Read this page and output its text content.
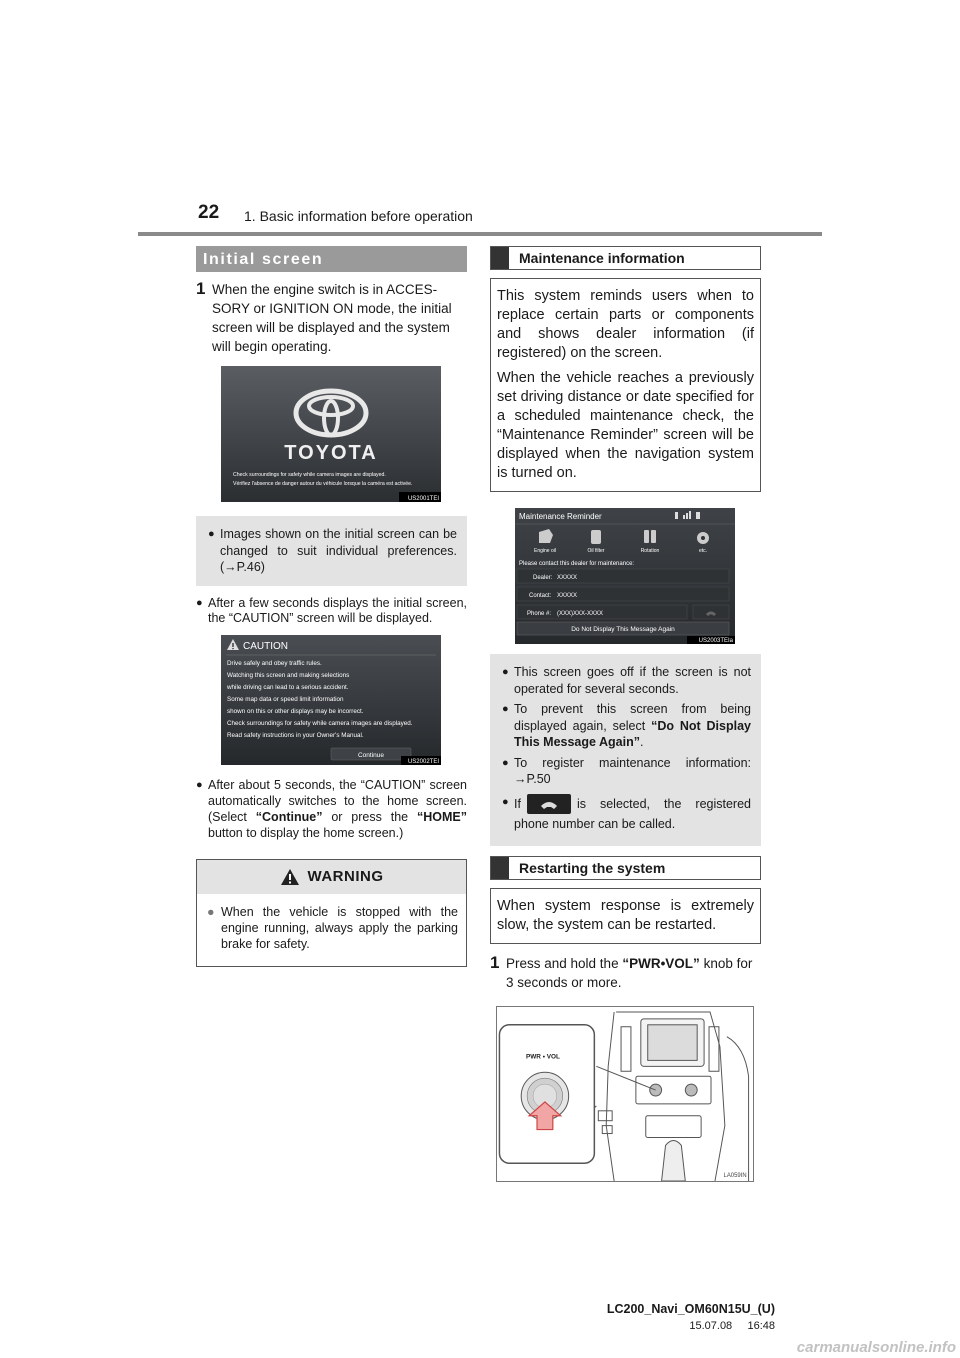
22 1. Basic information before operation
Initial screen
1 When the engine switch is in ACCES-SORY or IGNITION ON mode, the initial screen will be displayed and the system will begin operating.
TOYOTA
Check surroundings for safety while camera images are displayed.
Vérifiez l'absence de danger autour du véhicule lorsque la caméra est activée.
US2001TEI
● Images shown on the initial screen can be changed to suit individual preferences. (→P.46)
● After a few seconds displays the initial screen, the “CAUTION” screen will be displayed.
CAUTION
Drive safely and obey traffic rules.
Watching this screen and making selections
while driving can lead to a serious accident.
Some map data or speed limit information
shown on this or other displays may be incorrect.
Check surroundings for safety while camera images are displayed.
Read safety instructions in your Owner's Manual.
Continue
US2002TEI
● After about 5 seconds, the “CAUTION” screen automatically switches to the home screen. (Select “Continue” or press the “HOME” button to display the home screen.)
WARNING
● When the vehicle is stopped with the engine running, always apply the parking brake for safety.
Maintenance information

This system reminds users when to replace certain parts or components and shows dealer information (if registered) on the screen.

When the vehicle reaches a previously set driving distance or date specified for a scheduled maintenance check, the “Maintenance Reminder” screen will be displayed when the navigation system is turned on.

Maintenance Reminder
Engine oil	Oil filter	Rotation	etc.
Please contact this dealer for maintenance:
Dealer: XXXXX
Contact: XXXXX
Phone #: (XXX)XXX-XXXX
Do Not Display This Message Again
US2003TEIa
● This screen goes off if the screen is not operated for several seconds.
● To prevent this screen from being displayed again, select “Do Not Display This Message Again”.
● To register maintenance information: →P.50
● If	is selected, the registered phone number can be called.
Restarting the system

When system response is extremely slow, the system can be restarted.

1 Press and hold the “PWR•VOL” knob for 3 seconds or more.
PWR • VOL
LA059IN
LC200_Navi_OM60N15U_(U)
15.07.08     16:48
carmanualsonline.info
